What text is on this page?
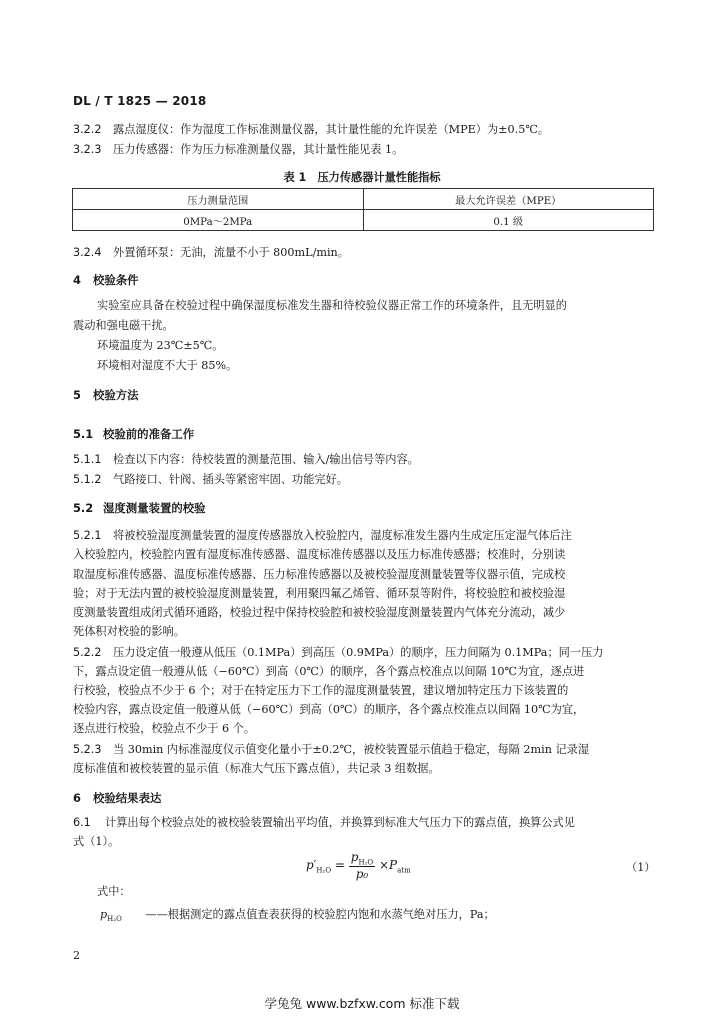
DL / T 1825 — 2018
3.2.2 露点湿度仪：作为湿度工作标准测量仪器，其计量性能的允许误差（MPE）为±0.5℃。
3.2.3 压力传感器：作为压力标准测量仪器，其计量性能见表 1。
表 1　压力传感器计量性能指标
压力测量范围	最大允许误差（MPE）
0MPa～2MPa	0.1 级
3.2.4 外置循环泵：无油，流量不小于 800mL/min。
4 校验条件
实验室应具备在校验过程中确保湿度标准发生器和待校验仪器正常工作的环境条件，且无明显的
震动和强电磁干扰。
环境温度为 23℃±5℃。
环境相对湿度不大于 85%。
5 校验方法
5.1 校验前的准备工作
5.1.1 检查以下内容：待校装置的测量范围、输入/输出信号等内容。
5.1.2 气路接口、针阀、插头等紧密牢固、功能完好。
5.2 湿度测量装置的校验
5.2.1 将被校验湿度测量装置的湿度传感器放入校验腔内，湿度标准发生器内生成定压定湿气体后注
入校验腔内，校验腔内置有湿度标准传感器、温度标准传感器以及压力标准传感器；校准时，分别读
取湿度标准传感器、温度标准传感器、压力标准传感器以及被校验湿度测量装置等仪器示值，完成校
验；对于无法内置的被校验湿度测量装置，利用聚四氟乙烯管、循环泵等附件，将校验腔和被校验湿
度测量装置组成闭式循环通路，校验过程中保持校验腔和被校验湿度测量装置内气体充分流动，减少
死体积对校验的影响。
5.2.2 压力设定值一般遵从低压（0.1MPa）到高压（0.9MPa）的顺序，压力间隔为 0.1MPa；同一压力
下，露点设定值一般遵从低（−60℃）到高（0℃）的顺序，各个露点校准点以间隔 10℃为宜，逐点进
行校验，校验点不少于 6 个；对于在特定压力下工作的湿度测量装置，建议增加特定压力下该装置的
校验内容，露点设定值一般遵从低（−60℃）到高（0℃）的顺序，各个露点校准点以间隔 10℃为宜，
逐点进行校验，校验点不少于 6 个。
5.2.3 当 30min 内标准湿度仪示值变化量小于±0.2℃，被校装置显示值趋于稳定，每隔 2min 记录湿
度标准值和被校装置的显示值（标准大气压下露点值），共记录 3 组数据。
6 校验结果表达
6.1 计算出每个校验点处的被校验装置输出平均值，并换算到标准大气压力下的露点值，换算公式见
式（1）。
$p'_{H_2O} = \frac{p_{H_2O}}{\text{p₀}} \times P_{atm}$	（1）
式中：
$p_{H_2O}$ ——根据测定的露点值查表获得的校验腔内饱和水蒸气绝对压力，Pa；
2
学兔兔 www.bzfxw.com 标准下载
